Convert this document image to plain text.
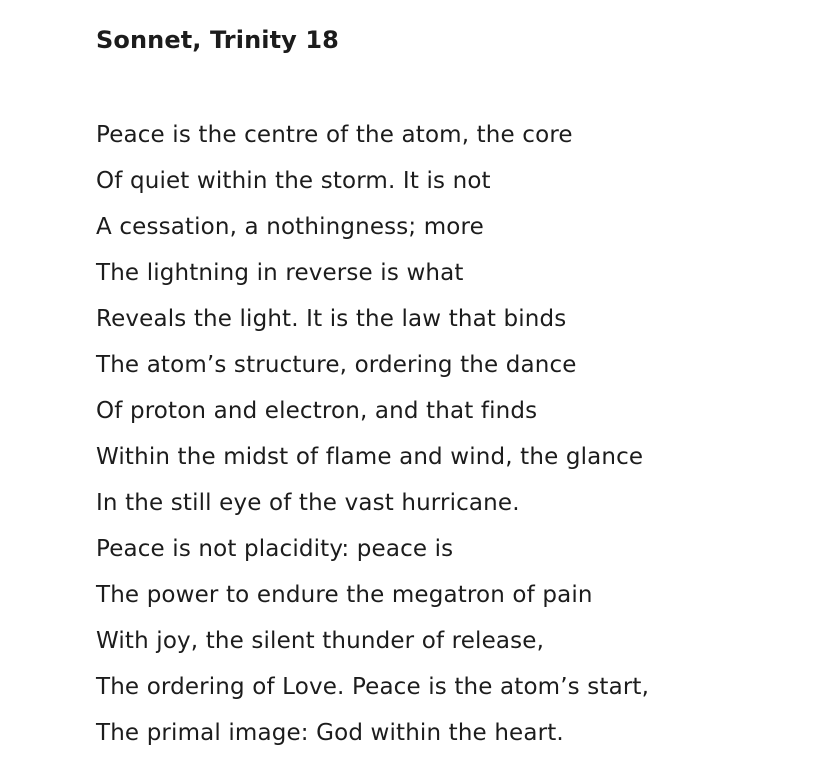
Sonnet, Trinity 18
Peace is the centre of the atom, the core
Of quiet within the storm. It is not
A cessation, a nothingness; more
The lightning in reverse is what
Reveals the light. It is the law that binds
The atom’s structure, ordering the dance
Of proton and electron, and that finds
Within the midst of flame and wind, the glance
In the still eye of the vast hurricane.
Peace is not placidity: peace is
The power to endure the megatron of pain
With joy, the silent thunder of release,
The ordering of Love. Peace is the atom’s start,
The primal image: God within the heart.
